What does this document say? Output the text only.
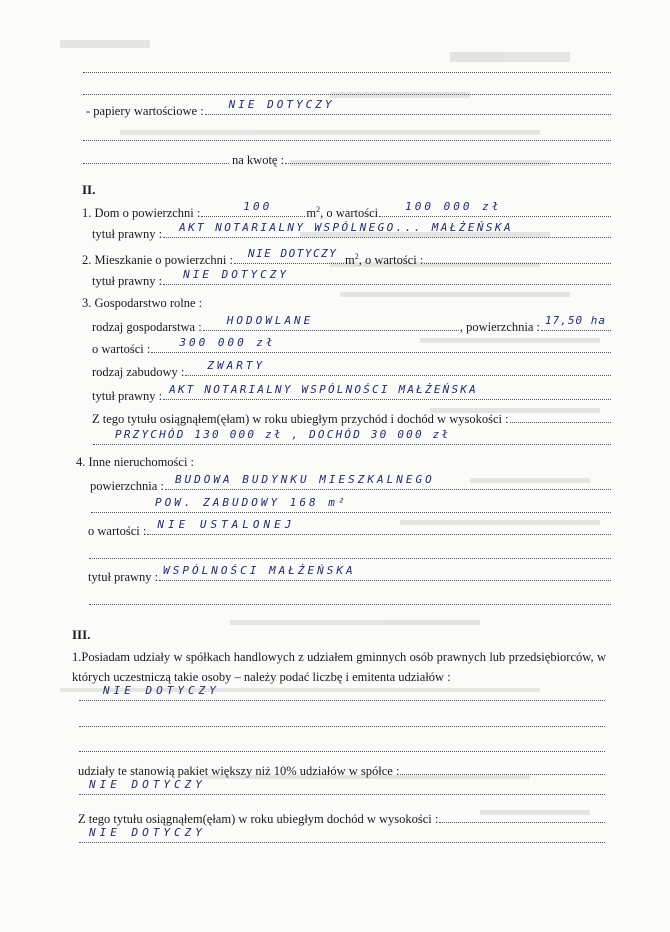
- papiery wartościowe : NIE DOTYCZY
na kwotę :
II.
1. Dom o powierzchni :	100	$m^2$ , o wartości 100 000 zł
tytuł prawny : AKT NOTARIALNY WSPÓLNEGO... MAŁŻEŃSKA
2. Mieszkanie o powierzchni : NIE DOTYCZY $m^2$ , o wartości :
tytuł prawny : NIE DOTYCZY
3. Gospodarstwo rolne :
rodzaj gospodarstwa : HODOWLANE	, powierzchnia : 17,50 ha
o wartości :	300 000 zł
rodzaj zabudowy : ZWARTY
tytuł prawny : AKT NOTARIALNY WSPÓLNOŚCI MAŁŻEŃSKA
Z tego tytułu osiągnąłem(ęłam) w roku ubiegłym przychód i dochód w wysokości :
PRZYCHÓD 130 000 zł , DOCHÓD 30 000 zł
4. Inne nieruchomości :
powierzchnia : BUDOWA BUDYNKU MIESZKALNEGO
POW. ZABUDOWY 168 m²
o wartości : NIE USTALONEJ
tytuł prawny : WSPÓLNOŚCI MAŁŻEŃSKA
III.
1.Posiadam udziały w spółkach handlowych z udziałem gminnych osób prawnych lub przedsiębiorców, w których uczestniczą takie osoby – należy podać liczbę i emitenta udziałów :
NIE DOTYCZY
udziały te stanowią pakiet większy niż 10% udziałów w spółce :
NIE DOTYCZY
Z tego tytułu osiągnąłem(ęłam) w roku ubiegłym dochód w wysokości :
NIE DOTYCZY
